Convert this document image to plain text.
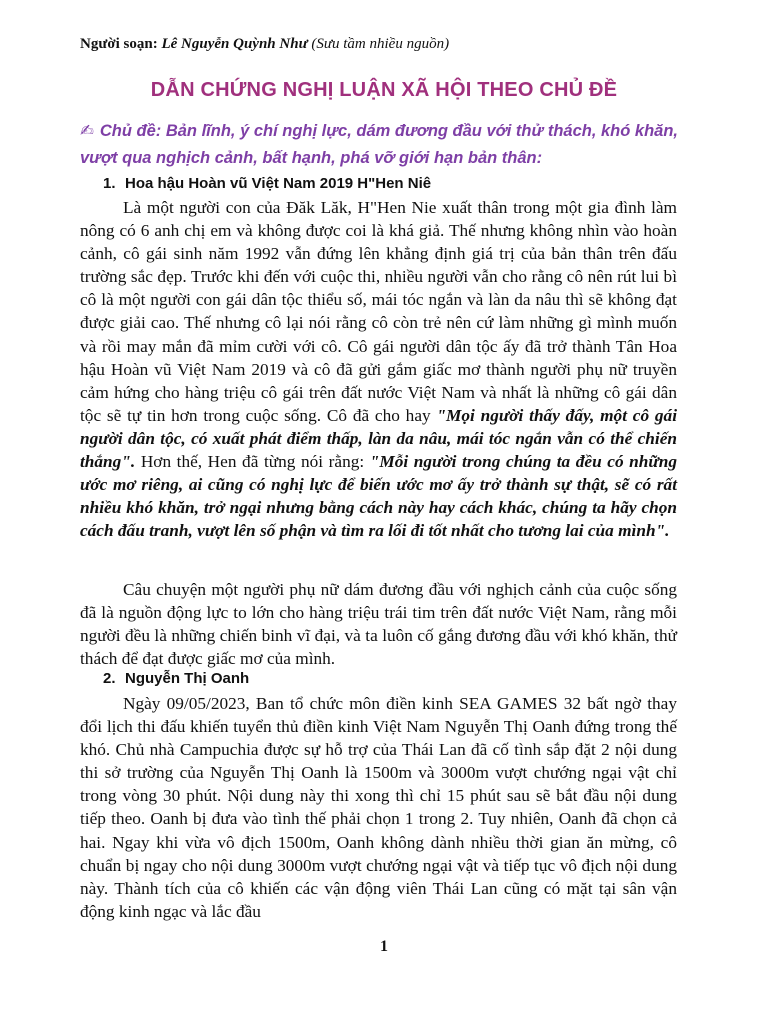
Người soạn: Lê Nguyễn Quỳnh Như (Sưu tầm nhiều nguồn)
DẪN CHỨNG NGHỊ LUẬN XÃ HỘI THEO CHỦ ĐỀ
✍ Chủ đề: Bản lĩnh, ý chí nghị lực, dám đương đầu với thử thách, khó khăn, vượt qua nghịch cảnh, bất hạnh, phá vỡ giới hạn bản thân:
1. Hoa hậu Hoàn vũ Việt Nam 2019 H"Hen Niê

Là một người con của Đăk Lăk, H"Hen Nie xuất thân trong một gia đình làm nông có 6 anh chị em và không được coi là khá giả. Thế nhưng không nhìn vào hoàn cảnh, cô gái sinh năm 1992 vẫn đứng lên khẳng định giá trị của bản thân trên đấu trường sắc đẹp. Trước khi đến với cuộc thi, nhiều người vẫn cho rằng cô nên rút lui bì cô là một người con gái dân tộc thiểu số, mái tóc ngắn và làn da nâu thì sẽ không đạt được giải cao. Thế nhưng cô lại nói rằng cô còn trẻ nên cứ làm những gì mình muốn và rồi may mắn đã mỉm cười với cô. Cô gái người dân tộc ấy đã trở thành Tân Hoa hậu Hoàn vũ Việt Nam 2019 và cô đã gửi gắm giấc mơ thành người phụ nữ truyền cảm hứng cho hàng triệu cô gái trên đất nước Việt Nam và nhất là những cô gái dân tộc sẽ tự tin hơn trong cuộc sống. Cô đã cho hay "Mọi người thấy đấy, một cô gái người dân tộc, có xuất phát điểm thấp, làn da nâu, mái tóc ngắn vẫn có thể chiến thắng". Hơn thế, Hen đã từng nói rằng: "Mỗi người trong chúng ta đều có những ước mơ riêng, ai cũng có nghị lực để biến ước mơ ấy trở thành sự thật, sẽ có rất nhiều khó khăn, trở ngại nhưng bằng cách này hay cách khác, chúng ta hãy chọn cách đấu tranh, vượt lên số phận và tìm ra lối đi tốt nhất cho tương lai của mình".

Câu chuyện một người phụ nữ dám đương đầu với nghịch cảnh của cuộc sống đã là nguồn động lực to lớn cho hàng triệu trái tim trên đất nước Việt Nam, rằng mỗi người đều là những chiến binh vĩ đại, và ta luôn cố gắng đương đầu với khó khăn, thử thách để đạt được giấc mơ của mình.

2. Nguyễn Thị Oanh

Ngày 09/05/2023, Ban tổ chức môn điền kinh SEA GAMES 32 bất ngờ thay đổi lịch thi đấu khiến tuyển thủ điền kinh Việt Nam Nguyễn Thị Oanh đứng trong thế khó. Chủ nhà Campuchia được sự hỗ trợ của Thái Lan đã cố tình sắp đặt 2 nội dung thi sở trường của Nguyễn Thị Oanh là 1500m và 3000m vượt chướng ngại vật chỉ trong vòng 30 phút. Nội dung này thi xong thì chỉ 15 phút sau sẽ bắt đầu nội dung tiếp theo. Oanh bị đưa vào tình thế phải chọn 1 trong 2. Tuy nhiên, Oanh đã chọn cả hai. Ngay khi vừa vô địch 1500m, Oanh không dành nhiều thời gian ăn mừng, cô chuẩn bị ngay cho nội dung 3000m vượt chướng ngại vật và tiếp tục vô địch nội dung này. Thành tích của cô khiến các vận động viên Thái Lan cũng có mặt tại sân vận động kinh ngạc và lắc đầu

1
